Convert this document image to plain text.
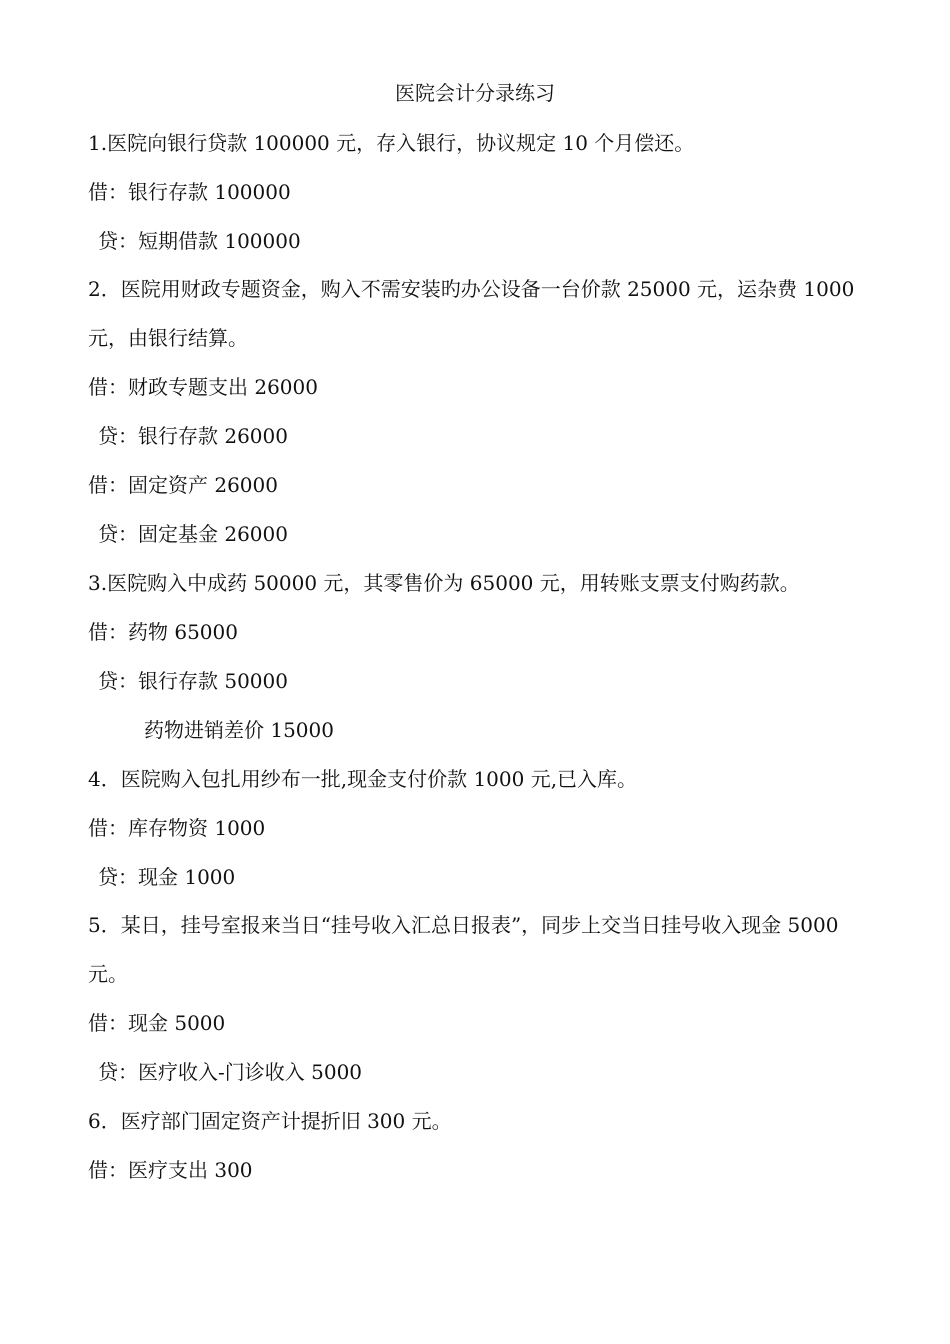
医院会计分录练习

1.医院向银行贷款 100000 元，存入银行，协议规定 10 个月偿还。

借：银行存款 100000

贷：短期借款 100000

2．医院用财政专题资金，购入不需安装旳办公设备一台价款 25000 元，运杂费 1000 元，由银行结算。

借：财政专题支出 26000

贷：银行存款 26000

借：固定资产 26000

贷：固定基金 26000

3.医院购入中成药 50000 元，其零售价为 65000 元，用转账支票支付购药款。

借：药物 65000

贷：银行存款 50000

药物进销差价 15000

4．医院购入包扎用纱布一批,现金支付价款 1000 元,已入库。

借：库存物资 1000

贷：现金 1000

5．某日，挂号室报来当日“挂号收入汇总日报表”，同步上交当日挂号收入现金 5000 元。

借：现金 5000

贷：医疗收入-门诊收入 5000

6．医疗部门固定资产计提折旧 300 元。

借：医疗支出 300
